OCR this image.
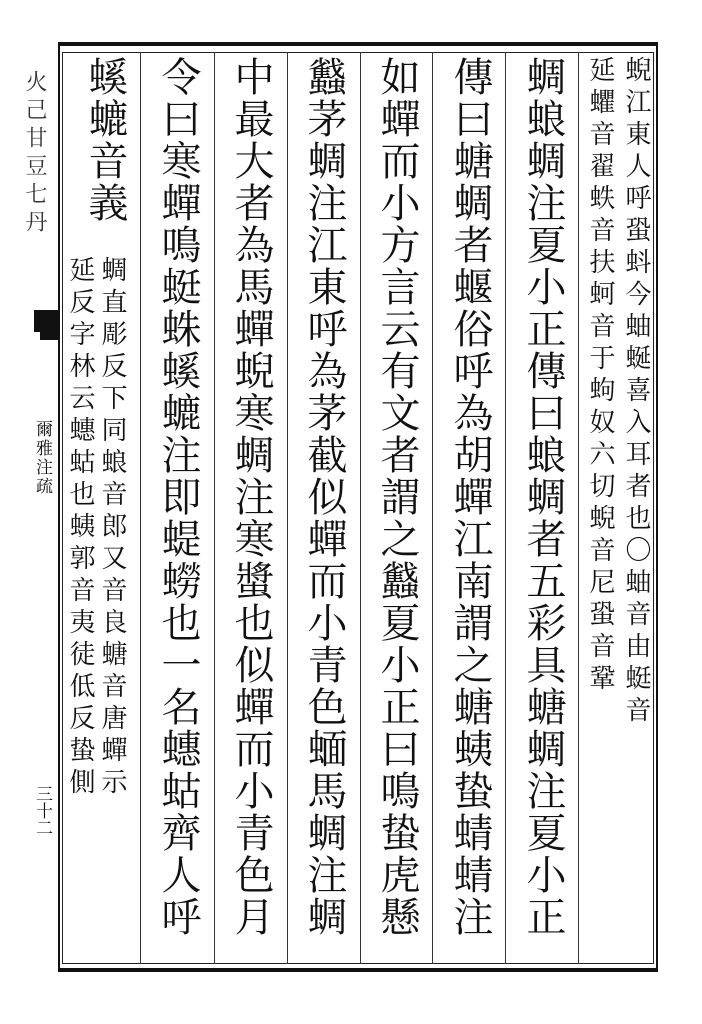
火己甘豆七丹
爾雅注疏
三十二
蜺江東人呼蛩蚪今蚰蜒喜入耳者也〇蚰音由蜓音
延蠷音翟蛈音扶蚵音于蚼奴六切蜺音尼蛩音鞏
蜩蜋蜩注夏小正傳曰蜋蜩者五彩具螗蜩注夏小正
傳曰螗蜩者蝘俗呼為胡蟬江南謂之螗蛦蛰蜻蜻注
如蟬而小方言云有文者謂之蠽夏小正曰鳴蛰虎懸
蠽茅蜩注江東呼為茅截似蟬而小青色蝒馬蜩注蜩
中最大者為馬蟬蜺寒蜩注寒螿也似蟬而小青色月
令曰寒蟬鳴蜓蛛螇螰注即蝭蟧也一名蟪蛄齊人呼
螇螰音義
蜩直彫反下同蜋音郎又音良螗音唐蟬示
延反字林云蟪蛄也蛦郭音夷徒低反蛰側
